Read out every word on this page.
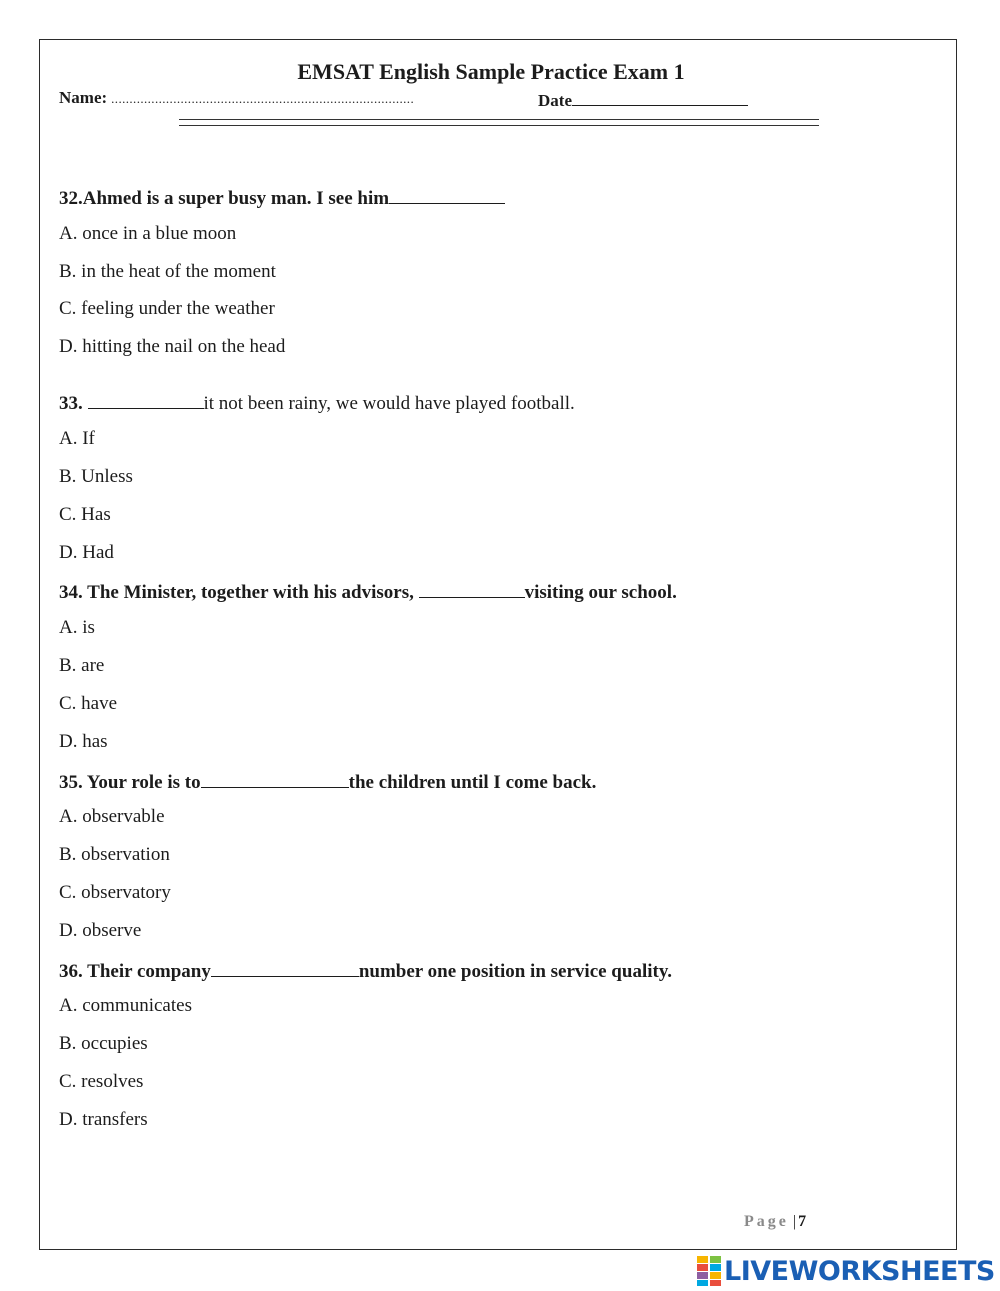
EMSAT English Sample Practice Exam 1
Name: ...................................................................................	Date
32.Ahmed is a super busy man. I see him
A. once in a blue moon
B. in the heat of the moment
C. feeling under the weather
D. hitting the nail on the head
33.	it not been rainy, we would have played football.
A. If
B. Unless
C. Has
D. Had
34. The Minister, together with his advisors,	visiting our school.
A. is
B. are
C. have
D. has
35. Your role is to	the children until I come back.
A. observable
B. observation
C. observatory
D. observe
36. Their company	number one position in service quality.
A. communicates
B. occupies
C. resolves
D. transfers
Page | 7
LIVEWORKSHEETS
